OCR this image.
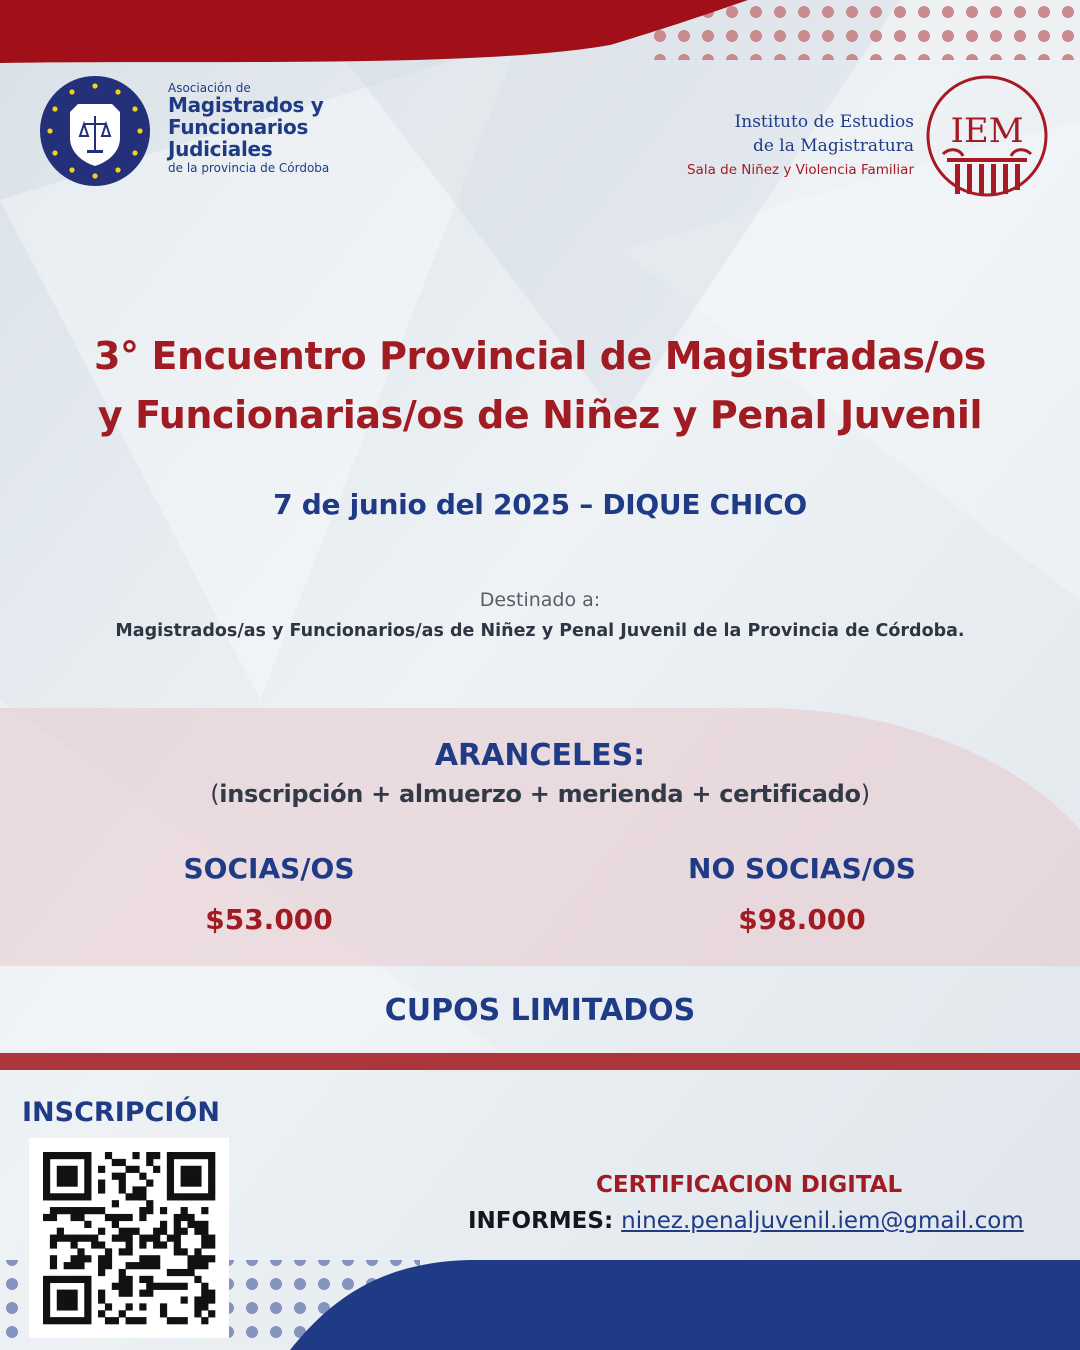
Asociación de
Magistrados y
Funcionarios
Judiciales
de la provincia de Córdoba
Instituto de Estudios
de la Magistratura
Sala de Niñez y Violencia Familiar
IEM
3° Encuentro Provincial de Magistradas/os
y Funcionarias/os de Niñez y Penal Juvenil
7 de junio del 2025 – DIQUE CHICO
Destinado a:
Magistrados/as y Funcionarios/as de Niñez y Penal Juvenil de la Provincia de Córdoba.
ARANCELES:
(inscripción + almuerzo + merienda + certificado)
SOCIAS/OS
$53.000
NO SOCIAS/OS
$98.000
CUPOS LIMITADOS
INSCRIPCIÓN
CERTIFICACION DIGITAL
INFORMES: ninez.penaljuvenil.iem@gmail.com
